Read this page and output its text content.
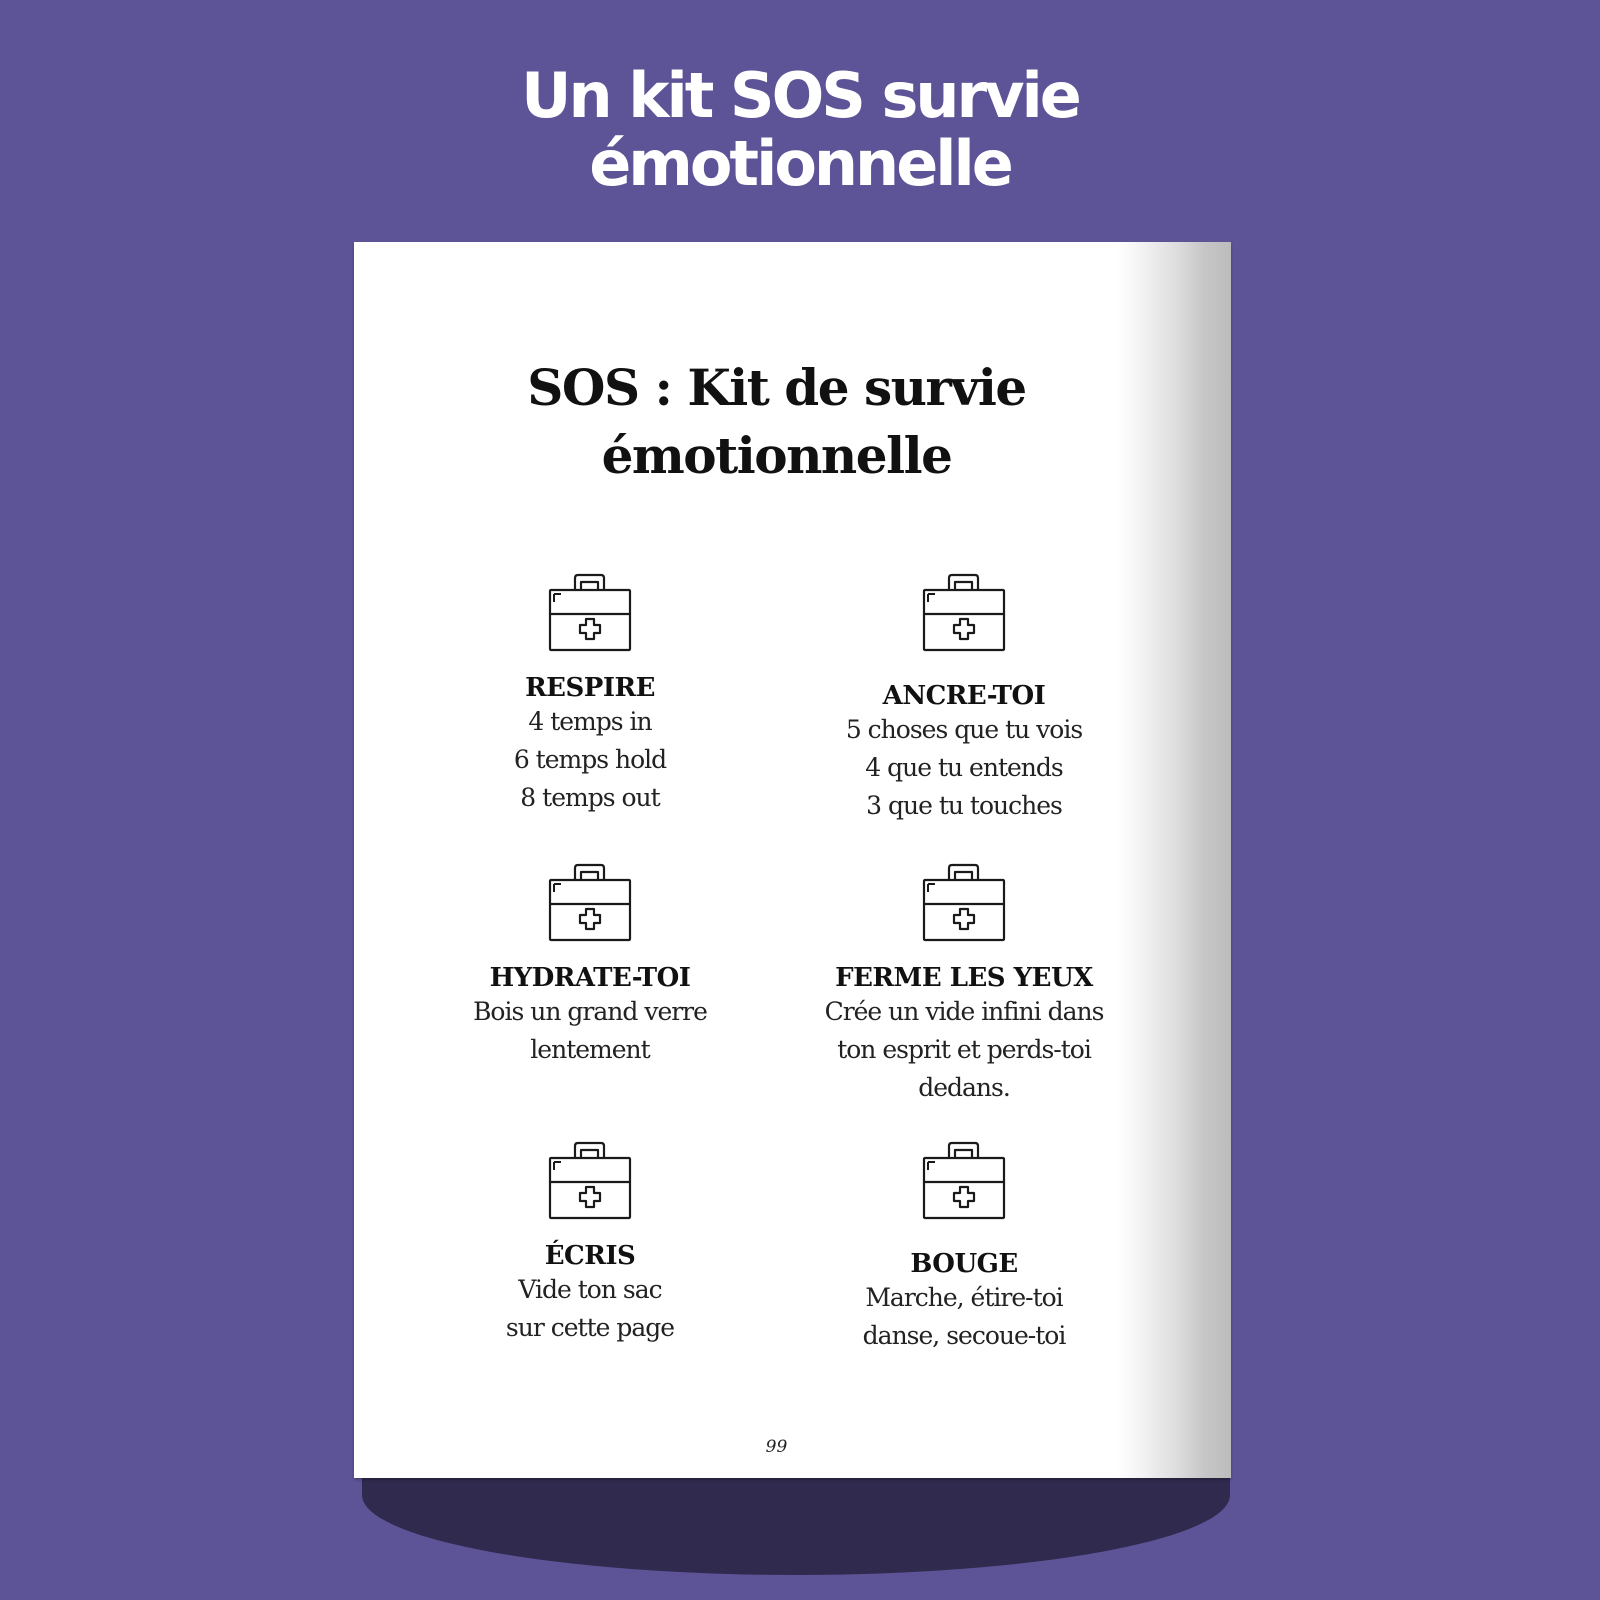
Un kit SOS survie
émotionnelle
SOS : Kit de survie
émotionnelle
RESPIRE
4 temps in
6 temps hold
8 temps out
ANCRE-TOI
5 choses que tu vois
4 que tu entends
3 que tu touches
HYDRATE-TOI
Bois un grand verre
lentement
FERME LES YEUX
Crée un vide infini dans
ton esprit et perds-toi
dedans.
ÉCRIS
Vide ton sac
sur cette page
BOUGE
Marche, étire-toi
danse, secoue-toi
99
